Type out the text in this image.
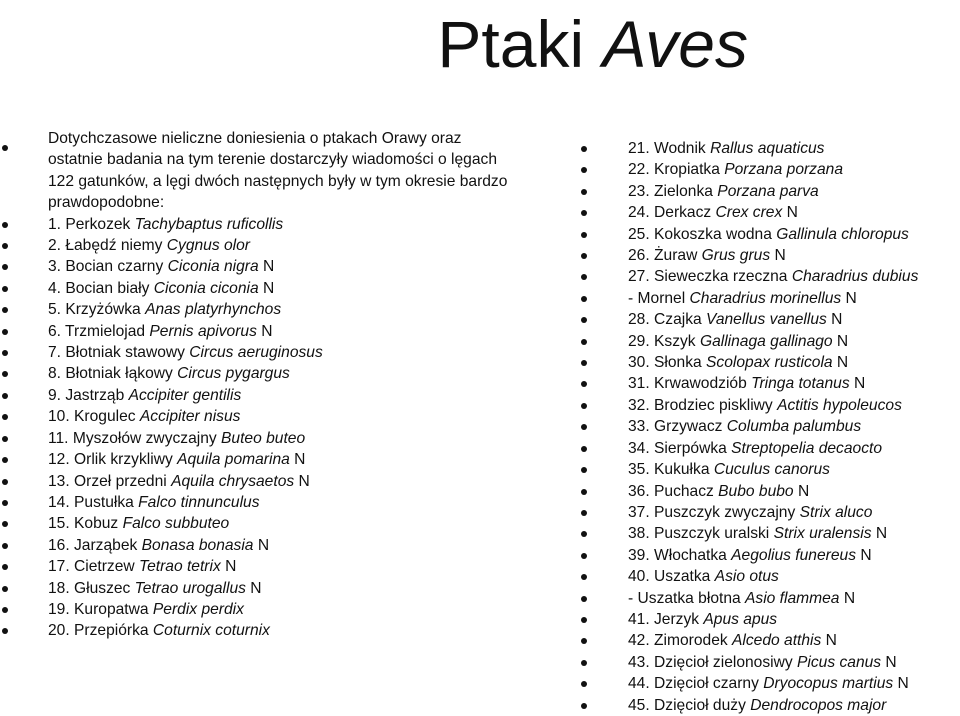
Ptaki Aves
Dotychczasowe nieliczne doniesienia o ptakach Orawy oraz ostatnie badania na tym terenie dostarczyły wiadomości o lęgach 122 gatunków, a lęgi dwóch następnych były w tym okresie bardzo prawdopodobne:
1. Perkozek Tachybaptus ruficollis
2. Łabędź niemy Cygnus olor
3. Bocian czarny Ciconia nigra N
4. Bocian biały Ciconia ciconia N
5. Krzyżówka Anas platyrhynchos
6. Trzmielojad Pernis apivorus N
7. Błotniak stawowy Circus aeruginosus
8. Błotniak łąkowy Circus pygargus
9. Jastrząb Accipiter gentilis
10. Krogulec Accipiter nisus
11. Myszołów zwyczajny Buteo buteo
12. Orlik krzykliwy Aquila pomarina N
13. Orzeł przedni Aquila chrysaetos N
14. Pustułka Falco tinnunculus
15. Kobuz Falco subbuteo
16. Jarząbek Bonasa bonasia N
17. Cietrzew Tetrao tetrix N
18. Głuszec Tetrao urogallus N
19. Kuropatwa Perdix perdix
20. Przepiórka Coturnix coturnix
21. Wodnik Rallus aquaticus
22. Kropiatka Porzana porzana
23. Zielonka Porzana parva
24. Derkacz Crex crex N
25. Kokoszka wodna Gallinula chloropus
26. Żuraw Grus grus N
27. Sieweczka rzeczna Charadrius dubius
- Mornel Charadrius morinellus N
28. Czajka Vanellus vanellus N
29. Kszyk Gallinaga gallinago N
30. Słonka Scolopax rusticola N
31. Krwawodziób Tringa totanus N
32. Brodziec piskliwy Actitis hypoleucos
33. Grzywacz Columba palumbus
34. Sierpówka Streptopelia decaocto
35. Kukułka Cuculus canorus
36. Puchacz Bubo bubo N
37. Puszczyk zwyczajny Strix aluco
38. Puszczyk uralski Strix uralensis N
39. Włochatka Aegolius funereus N
40. Uszatka Asio otus
- Uszatka błotna Asio flammea N
41. Jerzyk Apus apus
42. Zimorodek Alcedo atthis N
43. Dzięcioł zielonosiwy Picus canus N
44. Dzięcioł czarny Dryocopus martius N
45. Dzięcioł duży Dendrocopos major
